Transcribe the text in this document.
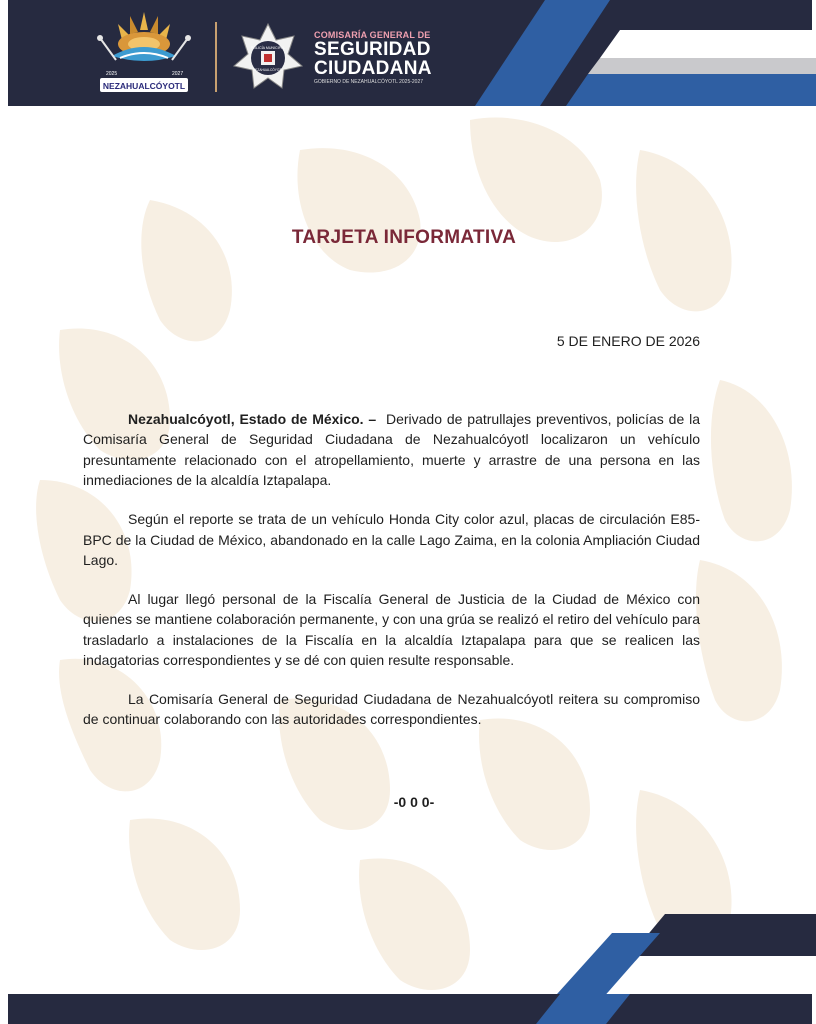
2025	2027
NEZAHUALCÓYOTL
POLICÍA MUNICIPAL
NEZAHUALCÓYOTL
COMISARÍA GENERAL DE
SEGURIDAD
CIUDADANA
GOBIERNO DE NEZAHUALCÓYOTL 2025-2027
TARJETA INFORMATIVA
5 DE ENERO DE 2026

Nezahualcóyotl, Estado de México. – Derivado de patrullajes preventivos, policías de la Comisaría General de Seguridad Ciudadana de Nezahualcóyotl localizaron un vehículo presuntamente relacionado con el atropellamiento, muerte y arrastre de una persona en las inmediaciones de la alcaldía Iztapalapa.

Según el reporte se trata de un vehículo Honda City color azul, placas de circulación E85-BPC de la Ciudad de México, abandonado en la calle Lago Zaima, en la colonia Ampliación Ciudad Lago.

Al lugar llegó personal de la Fiscalía General de Justicia de la Ciudad de México con quienes se mantiene colaboración permanente, y con una grúa se realizó el retiro del vehículo para trasladarlo a instalaciones de la Fiscalía en la alcaldía Iztapalapa para que se realicen las indagatorias correspondientes y se dé con quien resulte responsable.

La Comisaría General de Seguridad Ciudadana de Nezahualcóyotl reitera su compromiso de continuar colaborando con las autoridades correspondientes.

-0 0 0-
